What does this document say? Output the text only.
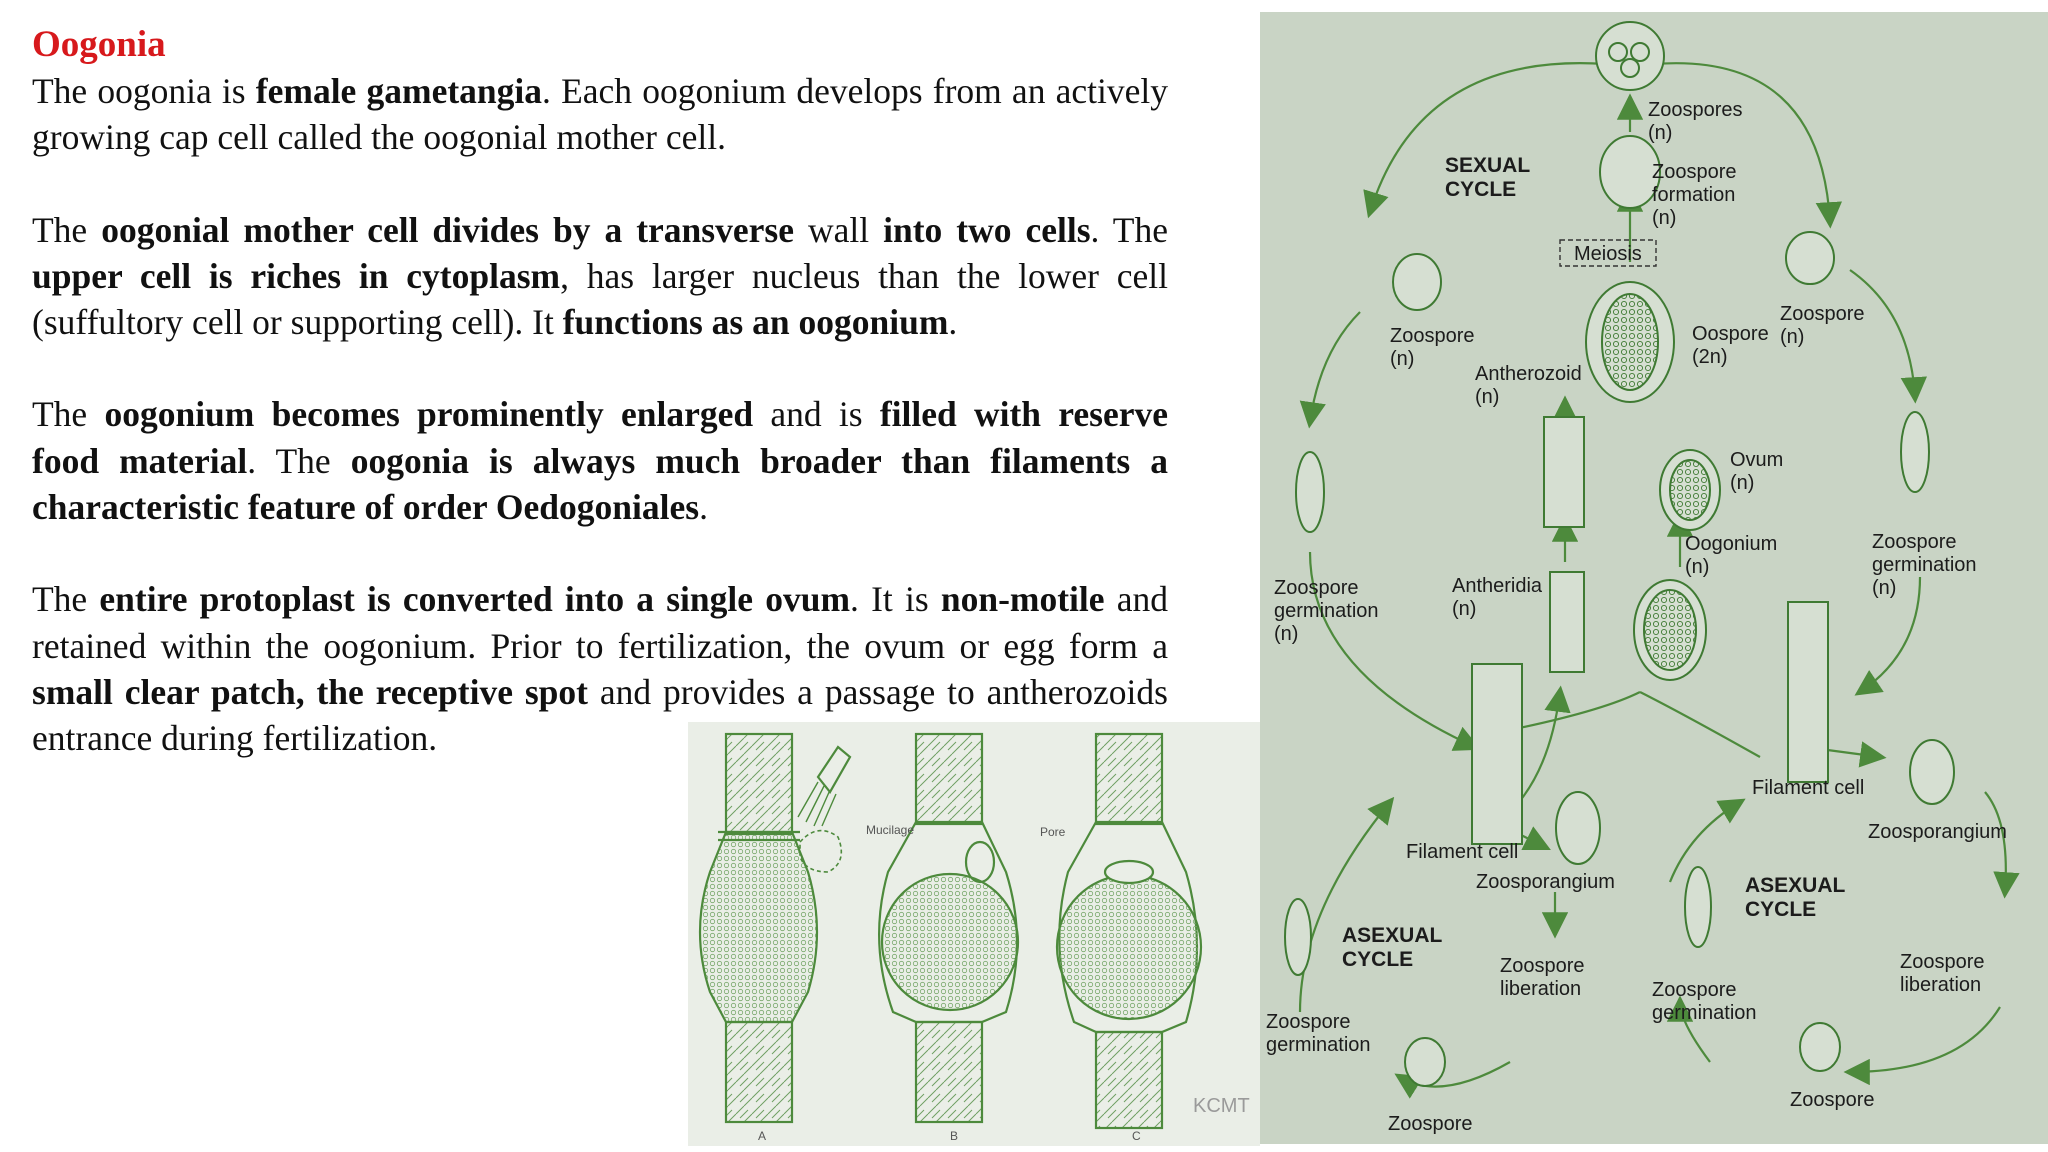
Oogonia

The oogonia is female gametangia. Each oogonium develops from an actively growing cap cell called the oogonial mother cell.

The oogonial mother cell divides by a transverse wall into two cells. The upper cell is riches in cytoplasm, has larger nucleus than the lower cell (suffultory cell or supporting cell). It functions as an oogonium.

The oogonium becomes prominently enlarged and is filled with reserve food material. The oogonia is always much broader than filaments a characteristic feature of order Oedogoniales.

The entire protoplast is converted into a single ovum. It is non-motile and retained within the oogonium. Prior to fertilization, the ovum or egg form a small clear patch, the receptive spot and provides a passage to antherozoids entrance during fertilization.

Mucilage	Pore
A	B	C
KCMT
Zoospores (n)
SEXUAL CYCLE
Zoospore formation (n)
Meiosis
Zoospore (n)
Zoospore (n)
Oospore (2n)
Antherozoid (n)
Ovum (n)
Oogonium (n)
Zoospore germination (n)
Antheridia (n)
Zoospore germination (n)
Filament cell
Zoosporangium
Filament cell
Zoosporangium	ASEXUAL CYCLE
ASEXUAL CYCLE	Zoospore liberation
Zoospore liberation
Zoospore germination
Zoospore germination
Zoospore
Zoospore
